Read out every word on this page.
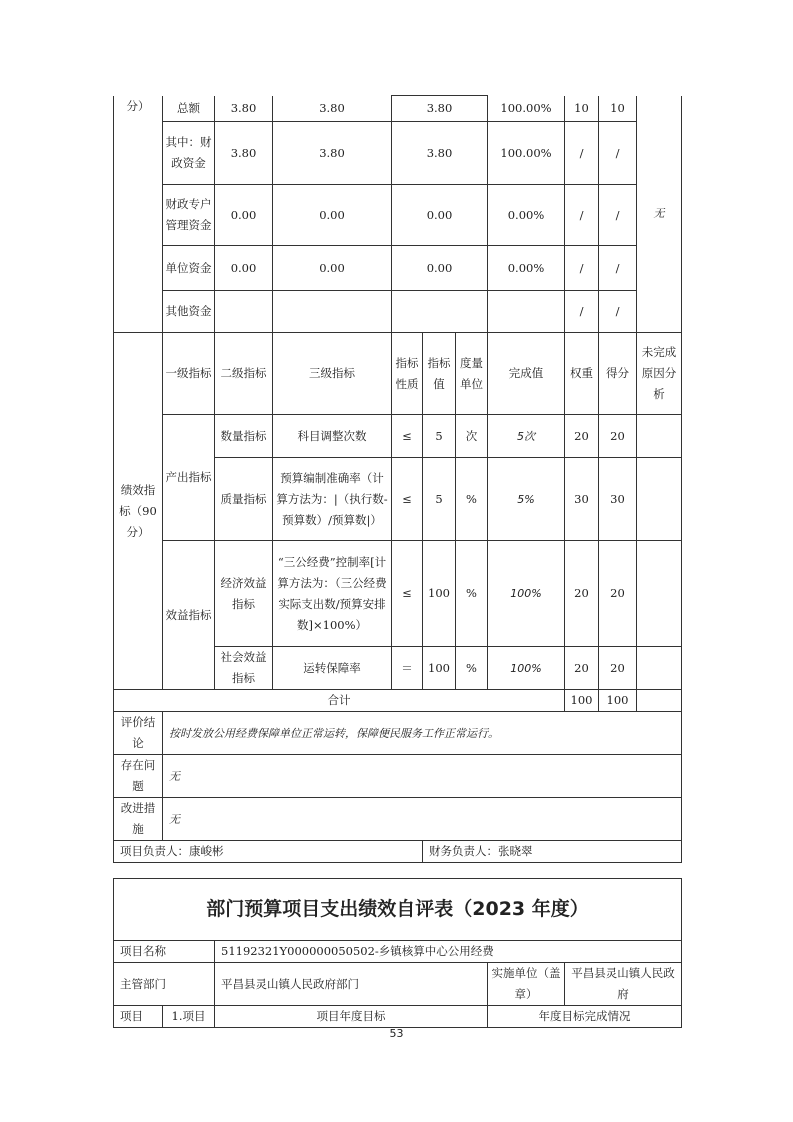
分）	总额	3.80	3.80	3.80			100.00%	10	10	无
	其中：财政资金	3.80	3.80	3.80			100.00%	/	/	
	财政专户管理资金	0.00	0.00	0.00			0.00%	/	/	
	单位资金	0.00	0.00	0.00			0.00%	/	/	
	其他资金							/	/	
绩效指标（90分）	一级指标	二级指标	三级指标	指标性质	指标值	度量单位	完成值	权重	得分	未完成原因分析
	产出指标	数量指标	科目调整次数	≤	5	次	5次	20	20	
		质量指标	预算编制准确率（计算方法为：|（执行数-预算数）/预算数|）	≤	5	%	5%	30	30	
	效益指标	经济效益指标	“三公经费”控制率[计算方法为：（三公经费实际支出数/预算安排数]×100%）	≤	100	%	100%	20	20	
		社会效益指标	运转保障率	＝	100	%	100%	20	20	
合计								100	100	
评价结论	按时发放公用经费保障单位正常运转，保障便民服务工作正常运行。									
存在问题	无									
改进措施	无									
项目负责人：康峻彬					财务负责人：张晓翠					
部门预算项目支出绩效自评表（2023 年度）				
项目名称		51192321Y000000050502-乡镇核算中心公用经费		
主管部门		平昌县灵山镇人民政府部门	实施单位（盖章）	平昌县灵山镇人民政府
项目	1.项目	项目年度目标	年度目标完成情况	
53
